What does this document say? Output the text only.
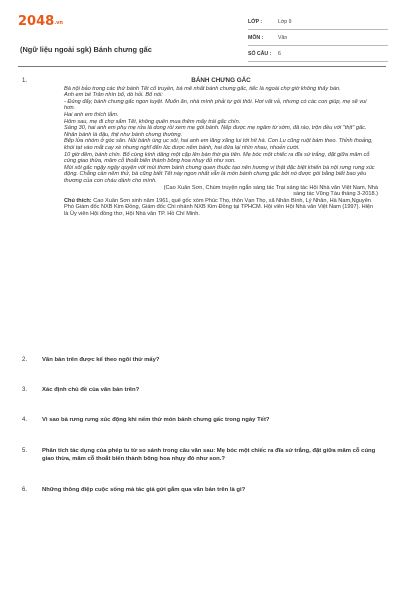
$2048^{.vn}$
(Ngữ liệu ngoài sgk) Bánh chưng gấc
LỚP :	Lớp 9
MÔN :	Văn
SỐ CÂU :	6
1.	BÁNH CHƯNG GẤC
Bà nội bảo trong các thứ bánh Tết cổ truyền, bà mê nhất bánh chưng gấc, tiếc là ngoài chợ giờ không thấy bán.
Anh em bé Trân nhìn bố, dò hỏi. Bố nói:
- Đúng đấy, bánh chưng gấc ngon tuyệt. Muốn ăn, nhà mình phải tự gói thôi. Hơi vất vả, nhưng có các con giúp, mẹ sẽ vui hơn.
Hai anh em thích lắm.
Hôm sau, mẹ đi chợ sắm Tết, không quên mua thêm mấy trái gấc chín.
Sáng 30, hai anh em phụ mẹ rửa lá dong rồi xem mẹ gói bánh. Nếp được mẹ ngâm từ sớm, đã ráo, trộn đều với "thịt" gấc. Nhân bánh là đậu, thịt như bánh chưng thường.
Bếp lửa nhóm ở góc sân. Nồi bánh ùng ục sôi, hai anh em lăng xăng lui tới hít hà. Con Lu cũng ruột bám theo. Thỉnh thoảng, khói tạt vào mắt cay xè nhưng nghĩ đến lúc được nếm bánh, hai đứa lại nhìn nhau, nhoẻn cười.
10 giờ đêm, bánh chín. Bố cùng kính dâng một cặp lên bàn thờ gia tiên. Mẹ bóc một chiếc ra đĩa sứ trắng, đặt giữa mâm cỗ cúng giao thừa, mâm cỗ thoắt biến thành bông hoa nhụy đỏ như son.
Mùi xôi gấc ngậy ngậy quyện với mùi thơm bánh chưng quen thuộc tạo nên hương vị thật đặc biệt khiến bà nội rưng rưng xúc động. Chẳng cần nếm thử, bà cũng biết Tết này ngon nhất vẫn là món bánh chưng gấc bởi nó được gói bằng biết bao yêu thương của con cháu dành cho mình.
(Cao Xuân Sơn, Chùm truyện ngắn sáng tác Trại sáng tác Hội Nhà văn Việt Nam, Nhà
sáng tác Vũng Tàu tháng 3-2018.)
Chú thích: Cao Xuân Sơn sinh năm 1961, quê gốc xóm Phúc Thọ, thôn Vạn Thọ, xã Nhân Bình, Lý Nhân, Hà Nam,Nguyên Phó Giám đốc NXB Kim Đồng, Giám đốc Chi nhánh NXB Kim Đồng tại TPHCM. Hội viên Hội Nhà văn Việt Nam (1997). Hiện là Ủy viên Hội đồng thơ, Hội Nhà văn TP. Hồ Chí Minh.
2.	Văn bản trên được kể theo ngôi thứ mấy?
3.	Xác định chủ đề của văn bản trên?
4.	Vì sao bà rưng rưng xúc động khi nếm thử món bánh chưng gấc trong ngày Tết?
5.	Phân tích tác dụng của phép tu từ so sánh trong câu văn sau: Mẹ bóc một chiếc ra đĩa sứ trắng, đặt giữa mâm cỗ cúng giao thừa, mâm cỗ thoắt biến thành bông hoa nhụy đỏ như son.?
6.	Những thông điệp cuộc sống mà tác giả gửi gắm qua văn bản trên là gì?
